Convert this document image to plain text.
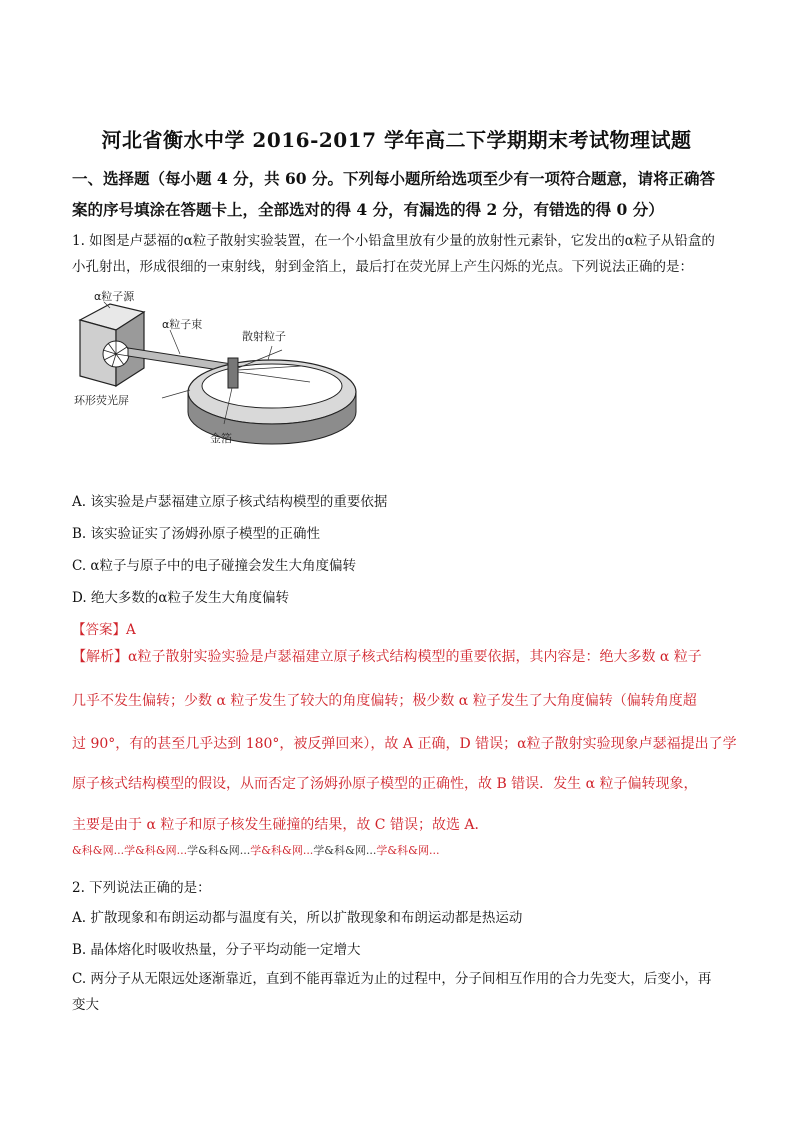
河北省衡水中学 2016-2017 学年高二下学期期末考试物理试题
一、选择题（每小题 4 分，共 60 分。下列每小题所给选项至少有一项符合题意，请将正确答案的序号填涂在答题卡上，全部选对的得 4 分，有漏选的得 2 分，有错选的得 0 分）
1. 如图是卢瑟福的α粒子散射实验装置，在一个小铅盒里放有少量的放射性元素钋，它发出的α粒子从铅盒的小孔射出，形成很细的一束射线，射到金箔上，最后打在荧光屏上产生闪烁的光点。下列说法正确的是：
α粒子源
α粒子束
散射粒子
环形荧光屏
金箔
A. 该实验是卢瑟福建立原子核式结构模型的重要依据
B. 该实验证实了汤姆孙原子模型的正确性
C. α粒子与原子中的电子碰撞会发生大角度偏转
D. 绝大多数的α粒子发生大角度偏转
【答案】A
【解析】α粒子散射实验实验是卢瑟福建立原子核式结构模型的重要依据，其内容是：绝大多数 α 粒子
几乎不发生偏转；少数 α 粒子发生了较大的角度偏转；极少数 α 粒子发生了大角度偏转（偏转角度超
过 90°，有的甚至几乎达到 180°，被反弹回来），故 A 正确，D 错误；α粒子散射实验现象卢瑟福提出了学
原子核式结构模型的假设，从而否定了汤姆孙原子模型的正确性，故 B 错误．发生 α 粒子偏转现象，
主要是由于 α 粒子和原子核发生碰撞的结果，故 C 错误；故选 A．
&科&网...学&科&网...学&科&网...学&科&网...学&科&网...学&科&网...
2. 下列说法正确的是：
A. 扩散现象和布朗运动都与温度有关，所以扩散现象和布朗运动都是热运动
B. 晶体熔化时吸收热量，分子平均动能一定增大
C. 两分子从无限远处逐渐靠近，直到不能再靠近为止的过程中，分子间相互作用的合力先变大，后变小，再变大
